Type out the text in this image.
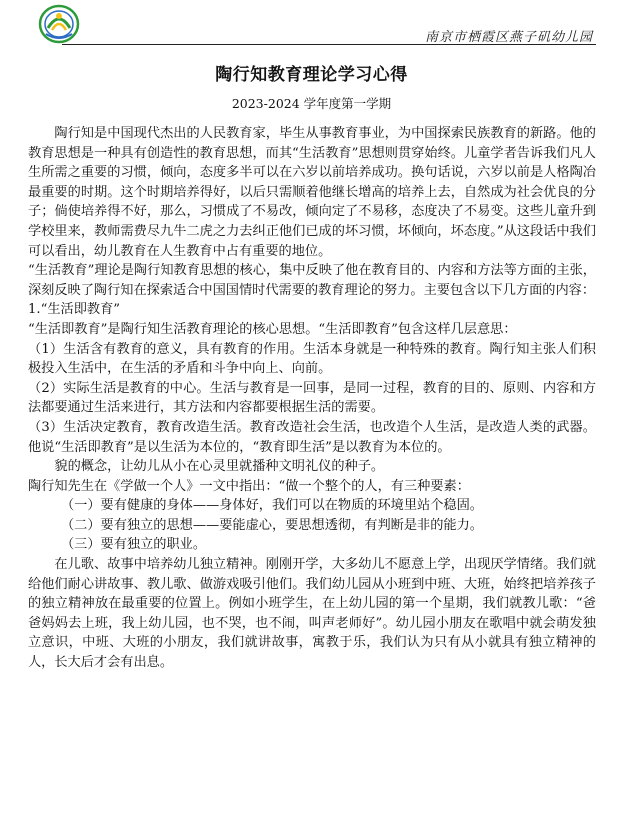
南京市栖霞区燕子矶幼儿园
陶行知教育理论学习心得
2023-2024 学年度第一学期

陶行知是中国现代杰出的人民教育家，毕生从事教育事业，为中国探索民族教育的新路。他的教育思想是一种具有创造性的教育思想，而其“生活教育”思想则贯穿始终。儿童学者告诉我们凡人生所需之重要的习惯，倾向，态度多半可以在六岁以前培养成功。换句话说，六岁以前是人格陶冶最重要的时期。这个时期培养得好，以后只需顺着他继长增高的培养上去，自然成为社会优良的分子；倘使培养得不好，那么，习惯成了不易改，倾向定了不易移，态度决了不易变。这些儿童升到学校里来，教师需费尽九牛二虎之力去纠正他们已成的坏习惯，坏倾向，坏态度。”从这段话中我们可以看出，幼儿教育在人生教育中占有重要的地位。

“生活教育”理论是陶行知教育思想的核心，集中反映了他在教育目的、内容和方法等方面的主张，深刻反映了陶行知在探索适合中国国情时代需要的教育理论的努力。主要包含以下几方面的内容：

1.“生活即教育”

“生活即教育”是陶行知生活教育理论的核心思想。“生活即教育”包含这样几层意思：

（1）生活含有教育的意义，具有教育的作用。生活本身就是一种特殊的教育。陶行知主张人们积极投入生活中，在生活的矛盾和斗争中向上、向前。

（2）实际生活是教育的中心。生活与教育是一回事，是同一过程，教育的目的、原则、内容和方法都要通过生活来进行，其方法和内容都要根据生活的需要。

（3）生活决定教育，教育改造生活。教育改造社会生活，也改造个人生活，是改造人类的武器。他说“生活即教育”是以生活为本位的，“教育即生活”是以教育为本位的。

貌的概念，让幼儿从小在心灵里就播种文明礼仪的种子。

陶行知先生在《学做一个人》一文中指出：“做一个整个的人，有三种要素：

（一）要有健康的身体——身体好，我们可以在物质的环境里站个稳固。

（二）要有独立的思想——要能虚心，要思想透彻，有判断是非的能力。

（三）要有独立的职业。

在儿歌、故事中培养幼儿独立精神。刚刚开学，大多幼儿不愿意上学，出现厌学情绪。我们就给他们耐心讲故事、教儿歌、做游戏吸引他们。我们幼儿园从小班到中班、大班，始终把培养孩子的独立精神放在最重要的位置上。例如小班学生，在上幼儿园的第一个星期，我们就教儿歌：“爸爸妈妈去上班，我上幼儿园，也不哭，也不闹，叫声老师好”。幼儿园小朋友在歌唱中就会萌发独立意识，中班、大班的小朋友，我们就讲故事，寓教于乐，我们认为只有从小就具有独立精神的人，长大后才会有出息。
